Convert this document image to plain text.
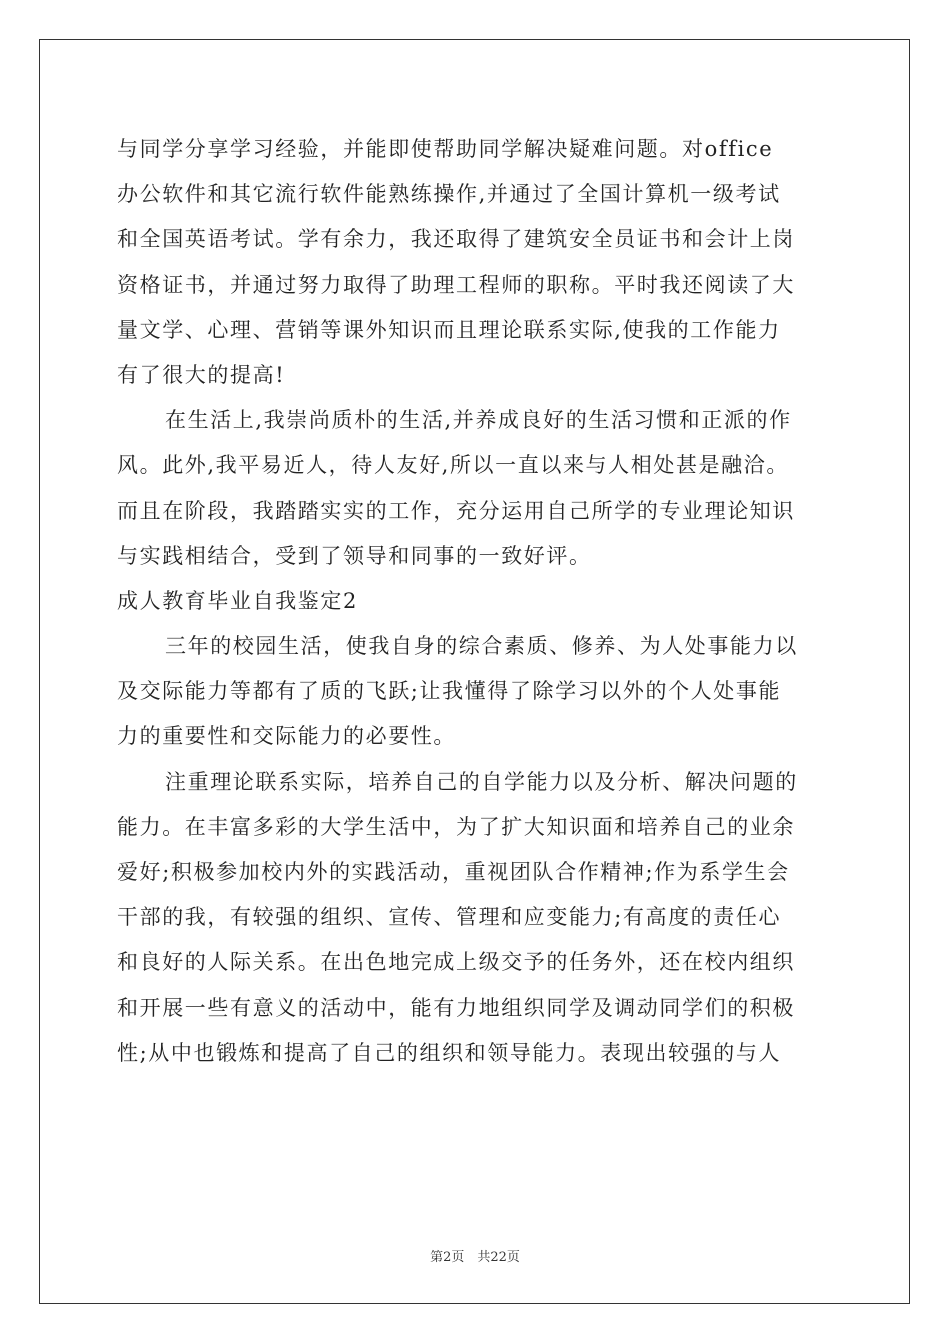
与同学分享学习经验，并能即使帮助同学解决疑难问题。对office
办公软件和其它流行软件能熟练操作,并通过了全国计算机一级考试
和全国英语考试。学有余力，我还取得了建筑安全员证书和会计上岗
资格证书，并通过努力取得了助理工程师的职称。平时我还阅读了大
量文学、心理、营销等课外知识而且理论联系实际,使我的工作能力
有了很大的提高!
在生活上,我崇尚质朴的生活,并养成良好的生活习惯和正派的作
风。此外,我平易近人，待人友好,所以一直以来与人相处甚是融洽。
而且在阶段，我踏踏实实的工作，充分运用自己所学的专业理论知识
与实践相结合，受到了领导和同事的一致好评。
成人教育毕业自我鉴定2
三年的校园生活，使我自身的综合素质、修养、为人处事能力以
及交际能力等都有了质的飞跃;让我懂得了除学习以外的个人处事能
力的重要性和交际能力的必要性。
注重理论联系实际，培养自己的自学能力以及分析、解决问题的
能力。在丰富多彩的大学生活中，为了扩大知识面和培养自己的业余
爱好;积极参加校内外的实践活动，重视团队合作精神;作为系学生会
干部的我，有较强的组织、宣传、管理和应变能力;有高度的责任心
和良好的人际关系。在出色地完成上级交予的任务外，还在校内组织
和开展一些有意义的活动中，能有力地组织同学及调动同学们的积极
性;从中也锻炼和提高了自己的组织和领导能力。表现出较强的与人
第2页　共22页
